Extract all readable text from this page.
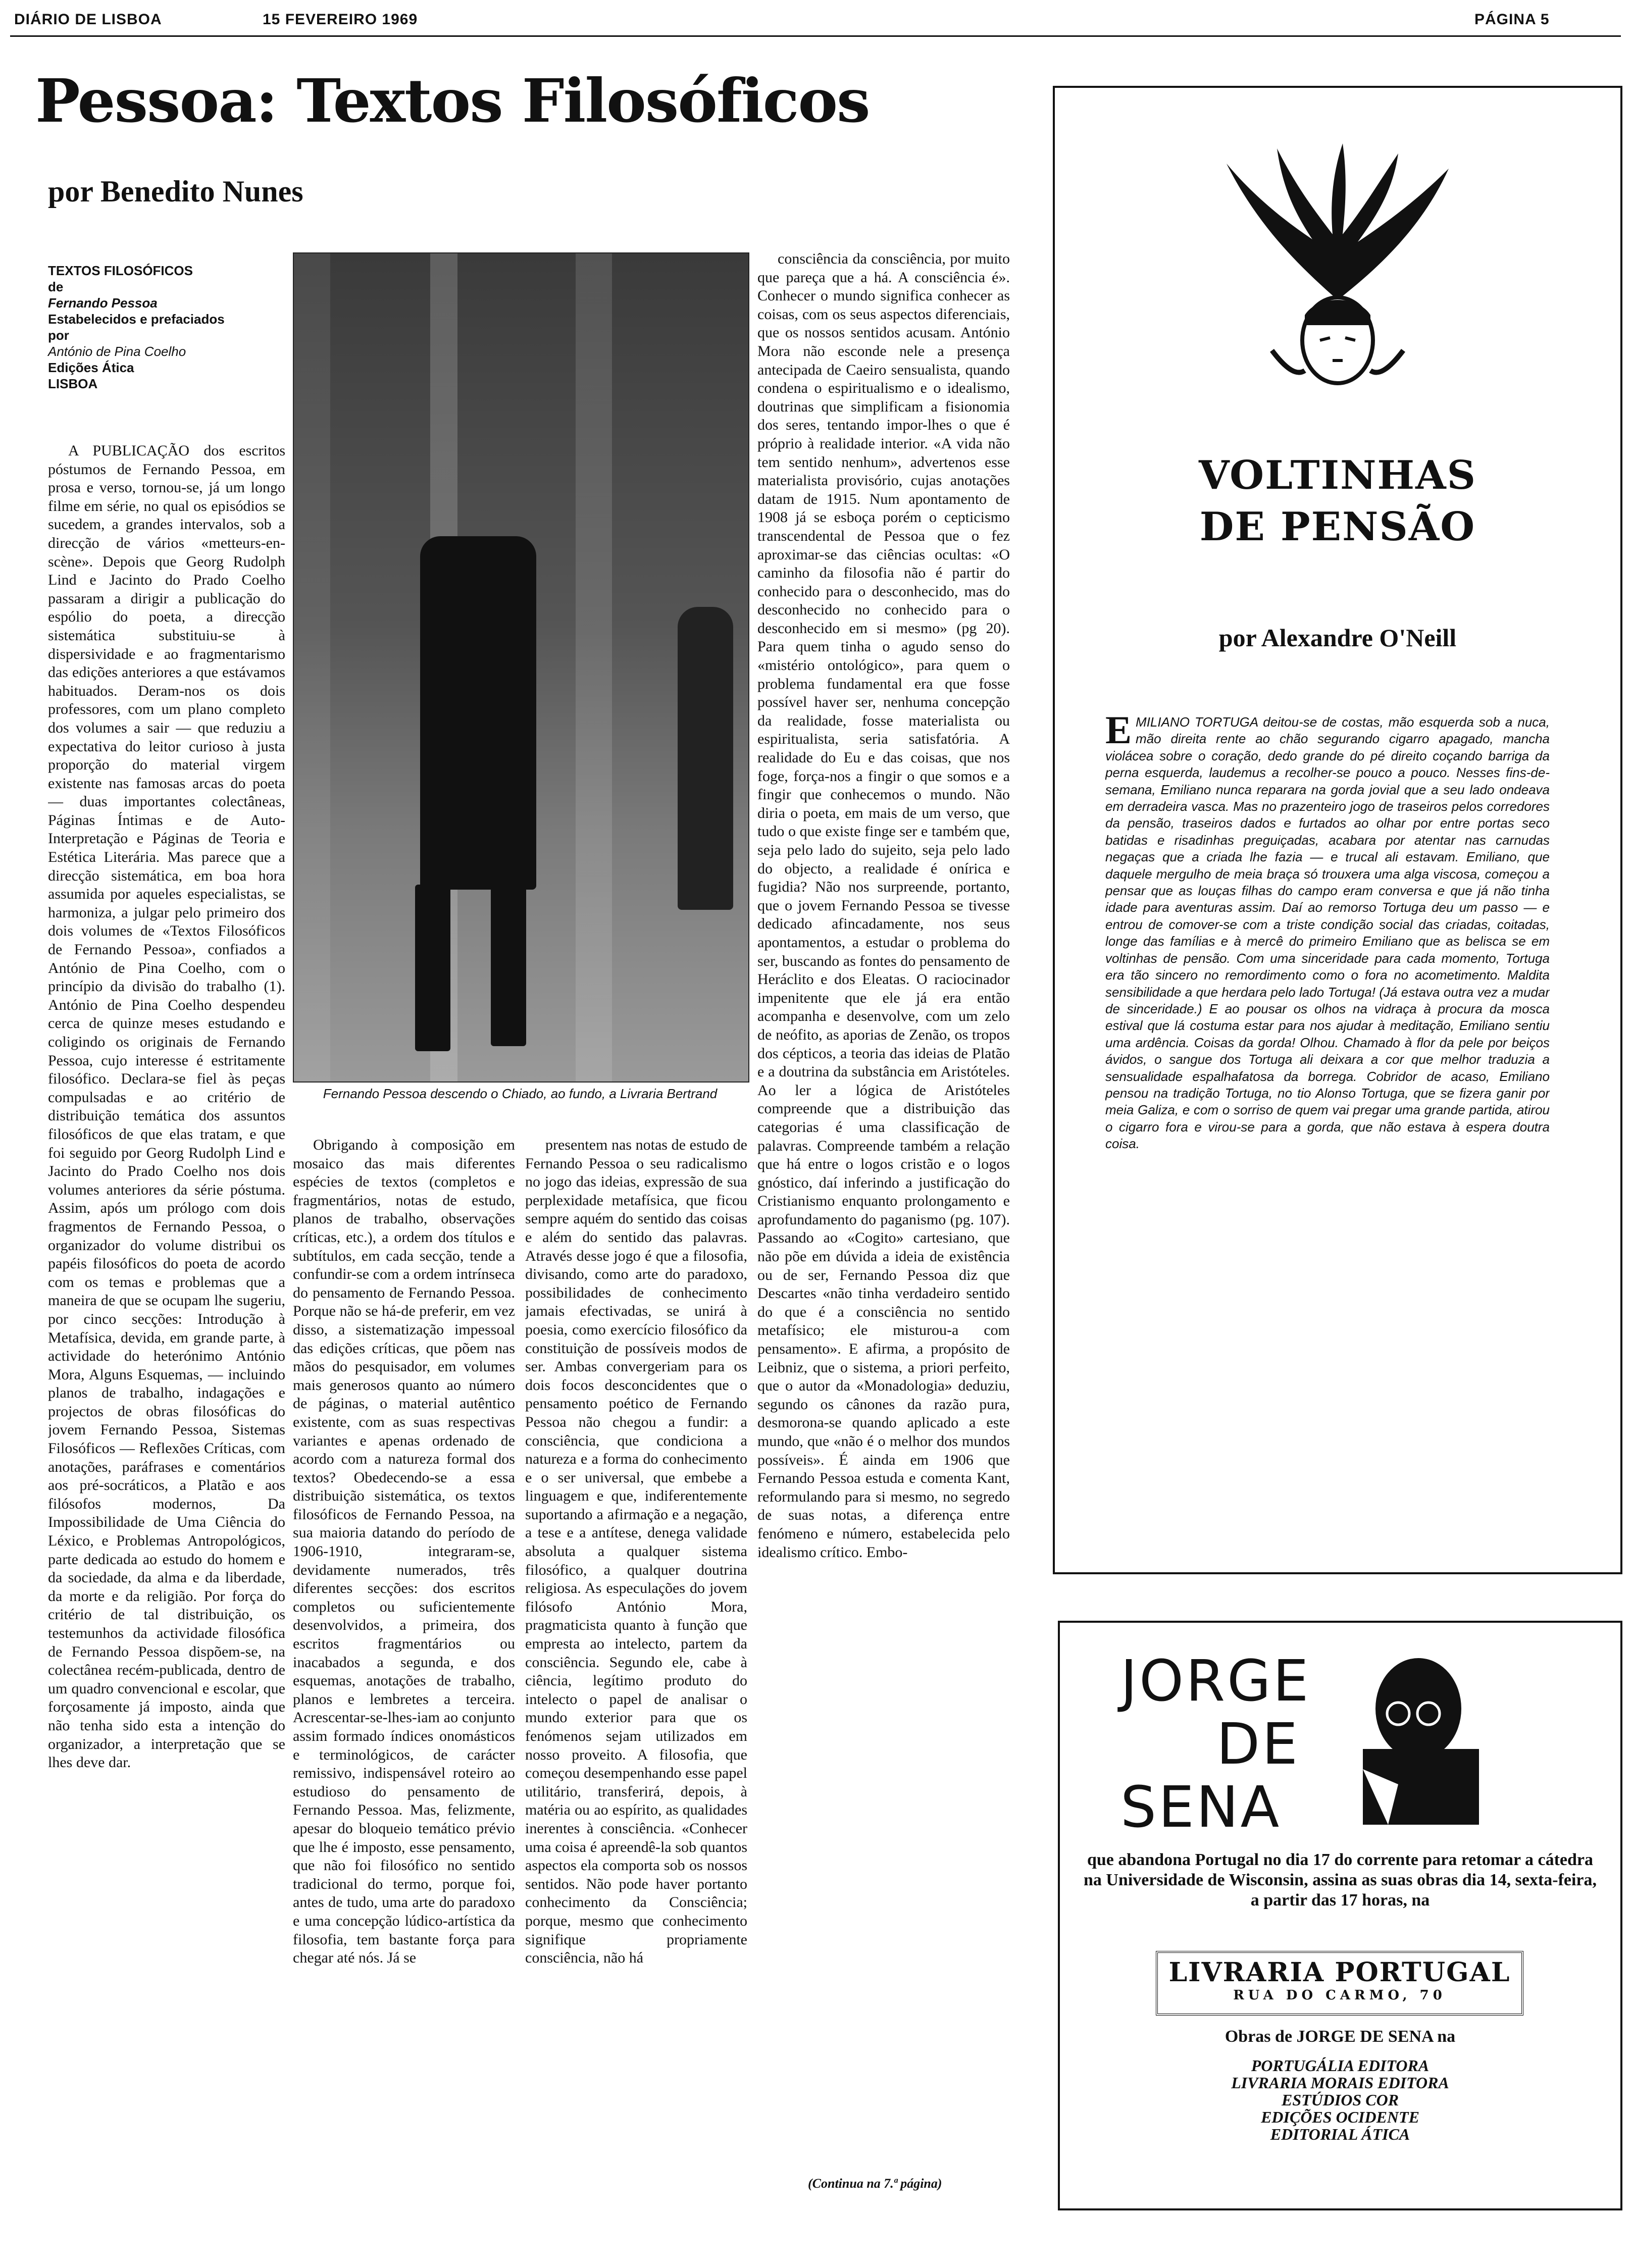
DIÁRIO DE LISBOA	15 FEVEREIRO 1969	PÁGINA 5
Pessoa: Textos Filosóficos
por Benedito Nunes
TEXTOS FILOSÓFICOS
de
Fernando Pessoa
Estabelecidos e prefaciados
por
António de Pina Coelho
Edições Ática
LISBOA

A PUBLICAÇÃO dos escritos póstumos de Fernando Pessoa, em prosa e verso, tornou-se, já um longo filme em série, no qual os episódios se sucedem, a grandes intervalos, sob a direcção de vários «metteurs-en-scène». Depois que Georg Rudolph Lind e Jacinto do Prado Coelho passaram a dirigir a publicação do espólio do poeta, a direcção sistemática substituiu-se à dispersividade e ao fragmentarismo das edições anteriores a que estávamos habituados. Deram-nos os dois professores, com um plano completo dos volumes a sair — que reduziu a expectativa do leitor curioso à justa proporção do material virgem existente nas famosas arcas do poeta — duas importantes colectâneas, Páginas Íntimas e de Auto-Interpretação e Páginas de Teoria e Estética Literária. Mas parece que a direcção sistemática, em boa hora assumida por aqueles especialistas, se harmoniza, a julgar pelo primeiro dos dois volumes de «Textos Filosóficos de Fernando Pessoa», confiados a António de Pina Coelho, com o princípio da divisão do trabalho (1). António de Pina Coelho despendeu cerca de quinze meses estudando e coligindo os originais de Fernando Pessoa, cujo interesse é estritamente filosófico. Declara-se fiel às peças compulsadas e ao critério de distribuição temática dos assuntos filosóficos de que elas tratam, e que foi seguido por Georg Rudolph Lind e Jacinto do Prado Coelho nos dois volumes anteriores da série póstuma. Assim, após um prólogo com dois fragmentos de Fernando Pessoa, o organizador do volume distribui os papéis filosóficos do poeta de acordo com os temas e problemas que a maneira de que se ocupam lhe sugeriu, por cinco secções: Introdução à Metafísica, devida, em grande parte, à actividade do heterónimo António Mora, Alguns Esquemas, — incluindo planos de trabalho, indagações e projectos de obras filosóficas do jovem Fernando Pessoa, Sistemas Filosóficos — Reflexões Críticas, com anotações, paráfrases e comentários aos pré-socráticos, a Platão e aos filósofos modernos, Da Impossibilidade de Uma Ciência do Léxico, e Problemas Antropológicos, parte dedicada ao estudo do homem e da sociedade, da alma e da liberdade, da morte e da religião. Por força do critério de tal distribuição, os testemunhos da actividade filosófica de Fernando Pessoa dispõem-se, na colectânea recém-publicada, dentro de um quadro convencional e escolar, que forçosamente já imposto, ainda que não tenha sido esta a intenção do organizador, a interpretação que se lhes deve dar.

Fernando Pessoa descendo o Chiado, ao fundo, a Livraria Bertrand

Obrigando à composição em mosaico das mais diferentes espécies de textos (completos e fragmentários, notas de estudo, planos de trabalho, observações críticas, etc.), a ordem dos títulos e subtítulos, em cada secção, tende a confundir-se com a ordem intrínseca do pensamento de Fernando Pessoa. Porque não se há-de preferir, em vez disso, a sistematização impessoal das edições críticas, que põem nas mãos do pesquisador, em volumes mais generosos quanto ao número de páginas, o material autêntico existente, com as suas respectivas variantes e apenas ordenado de acordo com a natureza formal dos textos? Obedecendo-se a essa distribuição sistemática, os textos filosóficos de Fernando Pessoa, na sua maioria datando do período de 1906-1910, integraram-se, devidamente numerados, três diferentes secções: dos escritos completos ou suficientemente desenvolvidos, a primeira, dos escritos fragmentários ou inacabados a segunda, e dos esquemas, anotações de trabalho, planos e lembretes a terceira. Acrescentar-se-lhes-iam ao conjunto assim formado índices onomásticos e terminológicos, de carácter remissivo, indispensável roteiro ao estudioso do pensamento de Fernando Pessoa. Mas, felizmente, apesar do bloqueio temático prévio que lhe é imposto, esse pensamento, que não foi filosófico no sentido tradicional do termo, porque foi, antes de tudo, uma arte do paradoxo e uma concepção lúdico-artística da filosofia, tem bastante força para chegar até nós. Já se

presentem nas notas de estudo de Fernando Pessoa o seu radicalismo no jogo das ideias, expressão de sua perplexidade metafísica, que ficou sempre aquém do sentido das coisas e além do sentido das palavras. Através desse jogo é que a filosofia, divisando, como arte do paradoxo, possibilidades de conhecimento jamais efectivadas, se unirá à poesia, como exercício filosófico da constituição de possíveis modos de ser. Ambas convergeriam para os dois focos desconcidentes que o pensamento poético de Fernando Pessoa não chegou a fundir: a consciência, que condiciona a natureza e a forma do conhecimento e o ser universal, que embebe a linguagem e que, indiferentemente suportando a afirmação e a negação, a tese e a antítese, denega validade absoluta a qualquer sistema filosófico, a qualquer doutrina religiosa. As especulações do jovem filósofo António Mora, pragmaticista quanto à função que empresta ao intelecto, partem da consciência. Segundo ele, cabe à ciência, legítimo produto do intelecto o papel de analisar o mundo exterior para que os fenómenos sejam utilizados em nosso proveito. A filosofia, que começou desempenhando esse papel utilitário, transferirá, depois, à matéria ou ao espírito, as qualidades inerentes à consciência. «Conhecer uma coisa é apreendê-la sob quantos aspectos ela comporta sob os nossos sentidos. Não pode haver portanto conhecimento da Consciência; porque, mesmo que conhecimento signifique propriamente consciência, não há

consciência da consciência, por muito que pareça que a há. A consciência é». Conhecer o mundo significa conhecer as coisas, com os seus aspectos diferenciais, que os nossos sentidos acusam. António Mora não esconde nele a presença antecipada de Caeiro sensualista, quando condena o espiritualismo e o idealismo, doutrinas que simplificam a fisionomia dos seres, tentando impor-lhes o que é próprio à realidade interior. «A vida não tem sentido nenhum», advertenos esse materialista provisório, cujas anotações datam de 1915. Num apontamento de 1908 já se esboça porém o cepticismo transcendental de Pessoa que o fez aproximar-se das ciências ocultas: «O caminho da filosofia não é partir do conhecido para o desconhecido, mas do desconhecido no conhecido para o desconhecido em si mesmo» (pg 20). Para quem tinha o agudo senso do «mistério ontológico», para quem o problema fundamental era que fosse possível haver ser, nenhuma concepção da realidade, fosse materialista ou espiritualista, seria satisfatória. A realidade do Eu e das coisas, que nos foge, força-nos a fingir o que somos e a fingir que conhecemos o mundo. Não diria o poeta, em mais de um verso, que tudo o que existe finge ser e também que, seja pelo lado do sujeito, seja pelo lado do objecto, a realidade é onírica e fugidia? Não nos surpreende, portanto, que o jovem Fernando Pessoa se tivesse dedicado afincadamente, nos seus apontamentos, a estudar o problema do ser, buscando as fontes do pensamento de Heráclito e dos Eleatas. O raciocinador impenitente que ele já era então acompanha e desenvolve, com um zelo de neófito, as aporias de Zenão, os tropos dos cépticos, a teoria das ideias de Platão e a doutrina da substância em Aristóteles. Ao ler a lógica de Aristóteles compreende que a distribuição das categorias é uma classificação de palavras. Compreende também a relação que há entre o logos cristão e o logos gnóstico, daí inferindo a justificação do Cristianismo enquanto prolongamento e aprofundamento do paganismo (pg. 107). Passando ao «Cogito» cartesiano, que não põe em dúvida a ideia de existência ou de ser, Fernando Pessoa diz que Descartes «não tinha verdadeiro sentido do que é a consciência no sentido metafísico; ele misturou-a com pensamento». E afirma, a propósito de Leibniz, que o sistema, a priori perfeito, que o autor da «Monadologia» deduziu, segundo os cânones da razão pura, desmorona-se quando aplicado a este mundo, que «não é o melhor dos mundos possíveis». É ainda em 1906 que Fernando Pessoa estuda e comenta Kant, reformulando para si mesmo, no segredo de suas notas, a diferença entre fenómeno e número, estabelecida pelo idealismo crítico. Embo-

(Continua na 7.ª página)
VOLTINHAS
DE PENSÃO
por Alexandre O'Neill
E MILIANO TORTUGA deitou-se de costas, mão esquerda sob a nuca, mão direita rente ao chão segurando cigarro apagado, mancha violácea sobre o coração, dedo grande do pé direito coçando barriga da perna esquerda, laudemus a recolher-se pouco a pouco. Nesses fins-de-semana, Emiliano nunca reparara na gorda jovial que a seu lado ondeava em derradeira vasca. Mas no prazenteiro jogo de traseiros pelos corredores da pensão, traseiros dados e furtados ao olhar por entre portas seco batidas e risadinhas preguiçadas, acabara por atentar nas carnudas negaças que a criada lhe fazia — e trucal ali estavam. Emiliano, que daquele mergulho de meia braça só trouxera uma alga viscosa, começou a pensar que as louças filhas do campo eram conversa e que já não tinha idade para aventuras assim. Daí ao remorso Tortuga deu um passo — e entrou de comover-se com a triste condição social das criadas, coitadas, longe das famílias e à mercê do primeiro Emiliano que as belisca se em voltinhas de pensão. Com uma sinceridade para cada momento, Tortuga era tão sincero no remordimento como o fora no acometimento. Maldita sensibilidade a que herdara pelo lado Tortuga! (Já estava outra vez a mudar de sinceridade.) E ao pousar os olhos na vidraça à procura da mosca estival que lá costuma estar para nos ajudar à meditação, Emiliano sentiu uma ardência. Coisas da gorda! Olhou. Chamado à flor da pele por beiços ávidos, o sangue dos Tortuga ali deixara a cor que melhor traduzia a sensualidade espalhafatosa da borrega. Cobridor de acaso, Emiliano pensou na tradição Tortuga, no tio Alonso Tortuga, que se fizera ganir por meia Galiza, e com o sorriso de quem vai pregar uma grande partida, atirou o cigarro fora e virou-se para a gorda, que não estava à espera doutra coisa.
JORGE
DE
SENA
que abandona Portugal no dia 17 do corrente para retomar a cátedra na Universidade de Wisconsin, assina as suas obras dia 14, sexta-feira, a partir das 17 horas, na
LIVRARIA PORTUGAL
RUA DO CARMO, 70
Obras de JORGE DE SENA na
PORTUGÁLIA EDITORA
LIVRARIA MORAIS EDITORA
ESTÚDIOS COR
EDIÇÕES OCIDENTE
EDITORIAL ÁTICA
